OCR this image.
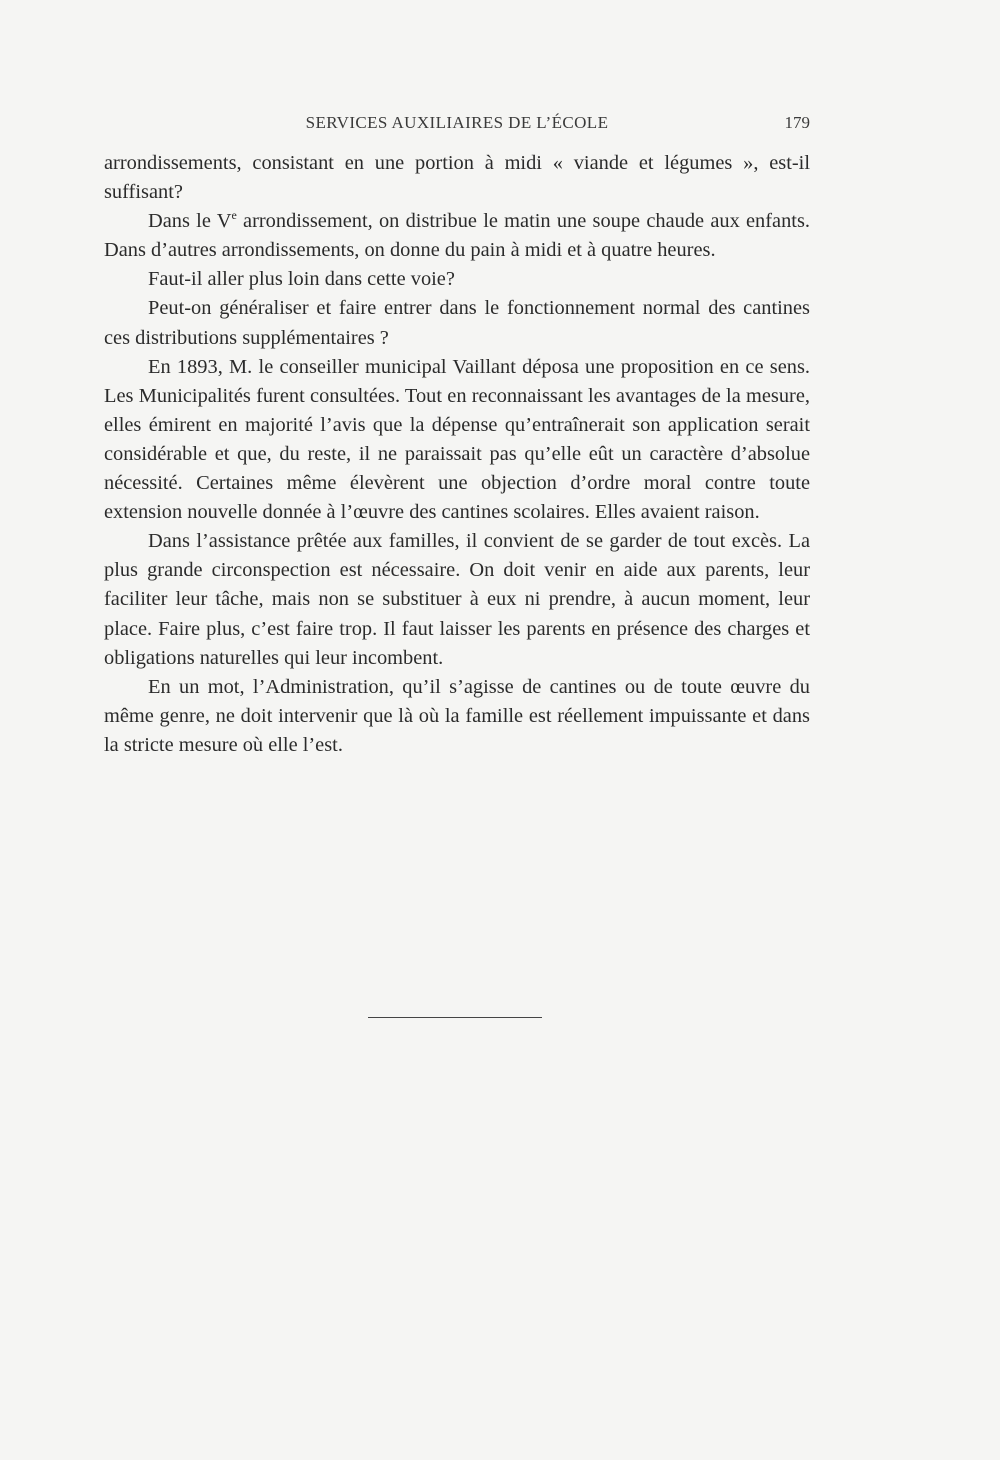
SERVICES AUXILIAIRES DE L’ÉCOLE	179

arrondissements, consistant en une portion à midi « viande et légumes », est-il suffisant?

Dans le Ve arrondissement, on distribue le matin une soupe chaude aux enfants. Dans d’autres arrondissements, on donne du pain à midi et à quatre heures.

Faut-il aller plus loin dans cette voie?

Peut-on généraliser et faire entrer dans le fonctionnement normal des cantines ces distributions supplémentaires ?

En 1893, M. le conseiller municipal Vaillant déposa une proposition en ce sens. Les Municipalités furent consultées. Tout en reconnaissant les avantages de la mesure, elles émirent en majorité l’avis que la dépense qu’entraînerait son application serait considérable et que, du reste, il ne paraissait pas qu’elle eût un caractère d’absolue nécessité. Certaines même élevèrent une objection d’ordre moral contre toute extension nouvelle donnée à l’œuvre des cantines scolaires. Elles avaient raison.

Dans l’assistance prêtée aux familles, il convient de se garder de tout excès. La plus grande circonspection est nécessaire. On doit venir en aide aux parents, leur faciliter leur tâche, mais non se substituer à eux ni prendre, à aucun moment, leur place. Faire plus, c’est faire trop. Il faut laisser les parents en présence des charges et obligations naturelles qui leur incombent.

En un mot, l’Administration, qu’il s’agisse de cantines ou de toute œuvre du même genre, ne doit intervenir que là où la famille est réellement impuissante et dans la stricte mesure où elle l’est.
